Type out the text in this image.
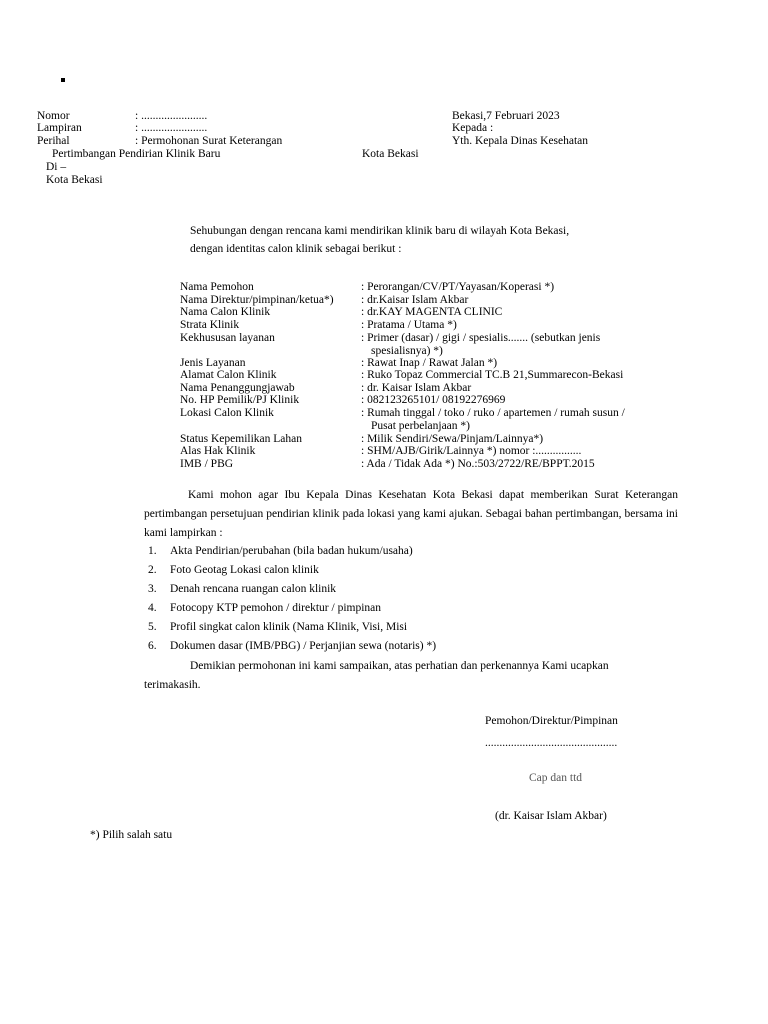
Nomor	: .......................
Lampiran	: .......................
Perihal	: Permohonan Surat Keterangan
Pertimbangan Pendirian Klinik Baru
Di –
Kota Bekasi
Bekasi,7 Februari 2023
Kepada :
Yth. Kepala Dinas Kesehatan
Kota Bekasi
Sehubungan dengan rencana kami mendirikan klinik baru di wilayah Kota Bekasi,
dengan identitas calon klinik sebagai berikut :
Nama Pemohon	: Perorangan/CV/PT/Yayasan/Koperasi *)
Nama Direktur/pimpinan/ketua*) : dr.Kaisar Islam Akbar
Nama Calon Klinik	: dr.KAY MAGENTA CLINIC
Strata Klinik	: Pratama / Utama *)
Kekhususan layanan	: Primer (dasar) / gigi / spesialis....... (sebutkan jenis
spesialisnya) *)
Jenis Layanan	: Rawat Inap / Rawat Jalan *)
Alamat Calon Klinik	: Ruko Topaz Commercial TC.B 21,Summarecon-Bekasi
Nama Penanggungjawab	: dr. Kaisar Islam Akbar
No. HP Pemilik/PJ Klinik	: 082123265101/ 08192276969
Lokasi Calon Klinik	: Rumah tinggal / toko / ruko / apartemen / rumah susun /
Pusat perbelanjaan *)
Status Kepemilikan Lahan	: Milik Sendiri/Sewa/Pinjam/Lainnya*)
Alas Hak Klinik	: SHM/AJB/Girik/Lainnya *) nomor :................
IMB / PBG	: Ada / Tidak Ada *) No.:503/2722/RE/BPPT.2015
Kami mohon agar Ibu Kepala Dinas Kesehatan Kota Bekasi dapat memberikan Surat Keterangan pertimbangan persetujuan pendirian klinik pada lokasi yang kami ajukan. Sebagai bahan pertimbangan, bersama ini kami lampirkan :
1. Akta Pendirian/perubahan (bila badan hukum/usaha)
2. Foto Geotag Lokasi calon klinik
3. Denah rencana ruangan calon klinik
4. Fotocopy KTP pemohon / direktur / pimpinan
5. Profil singkat calon klinik (Nama Klinik, Visi, Misi
6. Dokumen dasar (IMB/PBG) / Perjanjian sewa (notaris) *)
Demikian permohonan ini kami sampaikan, atas perhatian dan perkenannya Kami ucapkan
terimakasih.
Pemohon/Direktur/Pimpinan
..............................................
Cap dan ttd
(dr. Kaisar Islam Akbar)
*) Pilih salah satu
